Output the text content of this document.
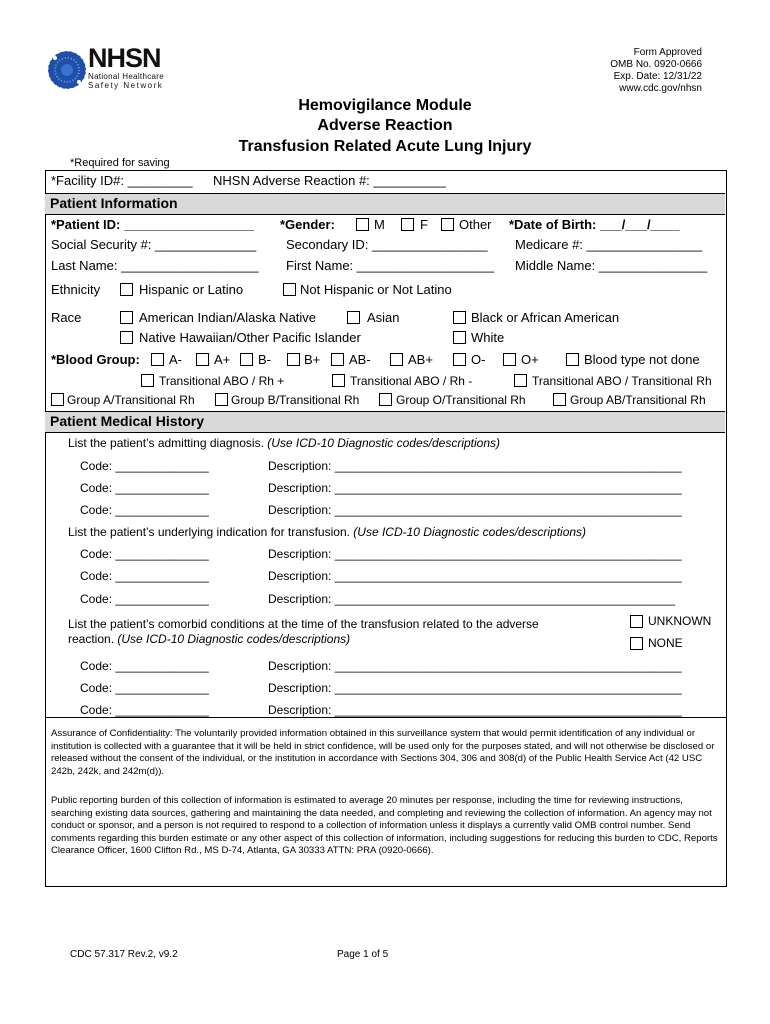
NHSN
National Healthcare
Safety Network
Form Approved
OMB No. 0920-0666
Exp. Date: 12/31/22
www.cdc.gov/nhsn
Hemovigilance Module
Adverse Reaction
Transfusion Related Acute Lung Injury
*Required for saving
*Facility ID#: _________ NHSN Adverse Reaction #: __________
Patient Information
*Patient ID: __________________ *Gender:	M	F Other *Date of Birth: ___/___/____
Social Security #: ______________ Secondary ID: ________________ Medicare #: ________________
Last Name: ___________________ First Name: ___________________ Middle Name: _______________
Ethnicity	Hispanic or Latino	Not Hispanic or Not Latino
Race	American Indian/Alaska Native	Asian	Black or African American
Native Hawaiian/Other Pacific Islander	White
*Blood Group: A- A+ B-	B+ AB-	AB+	O-	O+	Blood type not done
Transitional ABO / Rh +	Transitional ABO / Rh -	Transitional ABO / Transitional Rh
Group A/Transitional Rh	Group B/Transitional Rh	Group O/Transitional Rh	Group AB/Transitional Rh
Patient Medical History
List the patient’s admitting diagnosis. (Use ICD-10 Diagnostic codes/descriptions)
Code: ______________	Description: ____________________________________________________
Code: ______________	Description: ____________________________________________________
Code: ______________	Description: ____________________________________________________
List the patient’s underlying indication for transfusion. (Use ICD-10 Diagnostic codes/descriptions)
Code: ______________	Description: ____________________________________________________
Code: ______________	Description: ____________________________________________________
Code: ______________	Description: ___________________________________________________
List the patient’s comorbid conditions at the time of the transfusion related to the adverse
reaction. (Use ICD-10 Diagnostic codes/descriptions)
UNKNOWN
NONE
Code: ______________	Description: ____________________________________________________
Code: ______________	Description: ____________________________________________________
Code: ______________	Description: ____________________________________________________
Assurance of Confidentiality: The voluntarily provided information obtained in this surveillance system that would permit identification of any individual or institution is collected with a guarantee that it will be held in strict confidence, will be used only for the purposes stated, and will not otherwise be disclosed or released without the consent of the individual, or the institution in accordance with Sections 304, 306 and 308(d) of the Public Health Service Act (42 USC 242b, 242k, and 242m(d)).
Public reporting burden of this collection of information is estimated to average 20 minutes per response, including the time for reviewing instructions, searching existing data sources, gathering and maintaining the data needed, and completing and reviewing the collection of information. An agency may not conduct or sponsor, and a person is not required to respond to a collection of information unless it displays a currently valid OMB control number. Send comments regarding this burden estimate or any other aspect of this collection of information, including suggestions for reducing this burden to CDC, Reports Clearance Officer, 1600 Clifton Rd., MS D-74, Atlanta, GA 30333 ATTN: PRA (0920-0666).
CDC 57.317 Rev.2, v9.2	Page 1 of 5
